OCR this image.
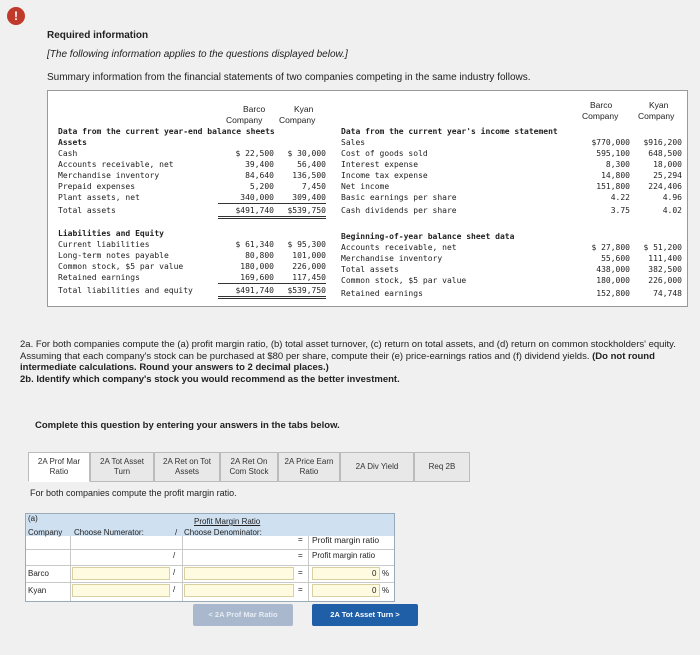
!
Required information
[The following information applies to the questions displayed below.]
Summary information from the financial statements of two companies competing in the same industry follows.
Barco	Kyan
Company Company
Barco	Kyan
Company Company
Data from the current year-end balance sheets
Assets
Cash	$ 22,500	$ 30,000
Accounts receivable, net	39,400	56,400
Merchandise inventory	84,640	136,500
Prepaid expenses	5,200	7,450
Plant assets, net	340,000	309,400
Total assets	$491,740	$539,750
Liabilities and Equity
Current liabilities	$ 61,340	$ 95,300
Long-term notes payable	80,800	101,000
Common stock, $5 par value	180,000	226,000
Retained earnings	169,600	117,450
Total liabilities and equity	$491,740	$539,750
Data from the current year's income statement
Sales	$770,000	$916,200
Cost of goods sold	595,100	648,500
Interest expense	8,300	18,000
Income tax expense	14,800	25,294
Net income	151,800	224,406
Basic earnings per share	4.22	4.96
Cash dividends per share	3.75	4.02
Beginning-of-year balance sheet data
Accounts receivable, net	$ 27,800	$ 51,200
Merchandise inventory	55,600	111,400
Total assets	438,000	382,500
Common stock, $5 par value	180,000	226,000
Retained earnings	152,800	74,748
2a. For both companies compute the (a) profit margin ratio, (b) total asset turnover, (c) return on total assets, and (d) return on common stockholders' equity. Assuming that each company's stock can be purchased at $80 per share, compute their (e) price-earnings ratios and (f) dividend yields. (Do not round intermediate calculations. Round your answers to 2 decimal places.)
2b. Identify which company's stock you would recommend as the better investment.
Complete this question by entering your answers in the tabs below.
2A Prof Mar
Ratio
2A Tot Asset
Turn
2A Ret on Tot
Assets
2A Ret On
Com Stock
2A Price Earn
Ratio
2A Div Yield	Req 2B
For both companies compute the profit margin ratio.
(a)	Profit Margin Ratio
Company Choose Numerator:	/ Choose Denominator:
= Profit margin ratio
= Profit margin ratio
/
Barco	/	=	0 %
Kyan	/	=	0 %
< 2A Prof Mar Ratio	2A Tot Asset Turn >
